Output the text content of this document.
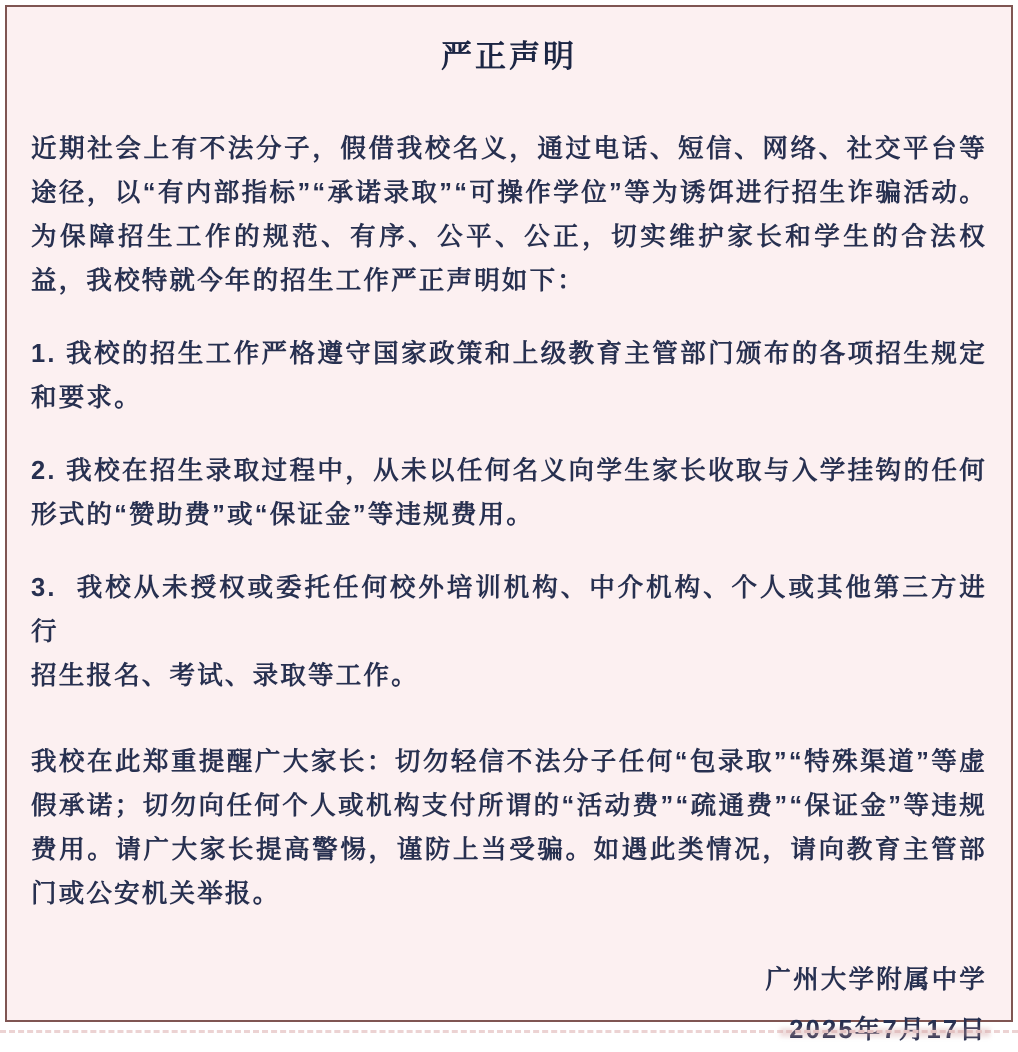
严正声明
近期社会上有不法分子，假借我校名义，通过电话、短信、网络、社交平台等
途径，以“有内部指标”“承诺录取”“可操作学位”等为诱饵进行招生诈骗活动。
为保障招生工作的规范、有序、公平、公正，切实维护家长和学生的合法权
益，我校特就今年的招生工作严正声明如下：
1. 我校的招生工作严格遵守国家政策和上级教育主管部门颁布的各项招生规定
和要求。
2. 我校在招生录取过程中，从未以任何名义向学生家长收取与入学挂钩的任何
形式的“赞助费”或“保证金”等违规费用。
3.  我校从未授权或委托任何校外培训机构、中介机构、个人或其他第三方进行
招生报名、考试、录取等工作。
我校在此郑重提醒广大家长：切勿轻信不法分子任何“包录取”“特殊渠道”等虚
假承诺；切勿向任何个人或机构支付所谓的“活动费”“疏通费”“保证金”等违规
费用。请广大家长提高警惕，谨防上当受骗。如遇此类情况，请向教育主管部
门或公安机关举报。
广州大学附属中学
2025年7月17日
